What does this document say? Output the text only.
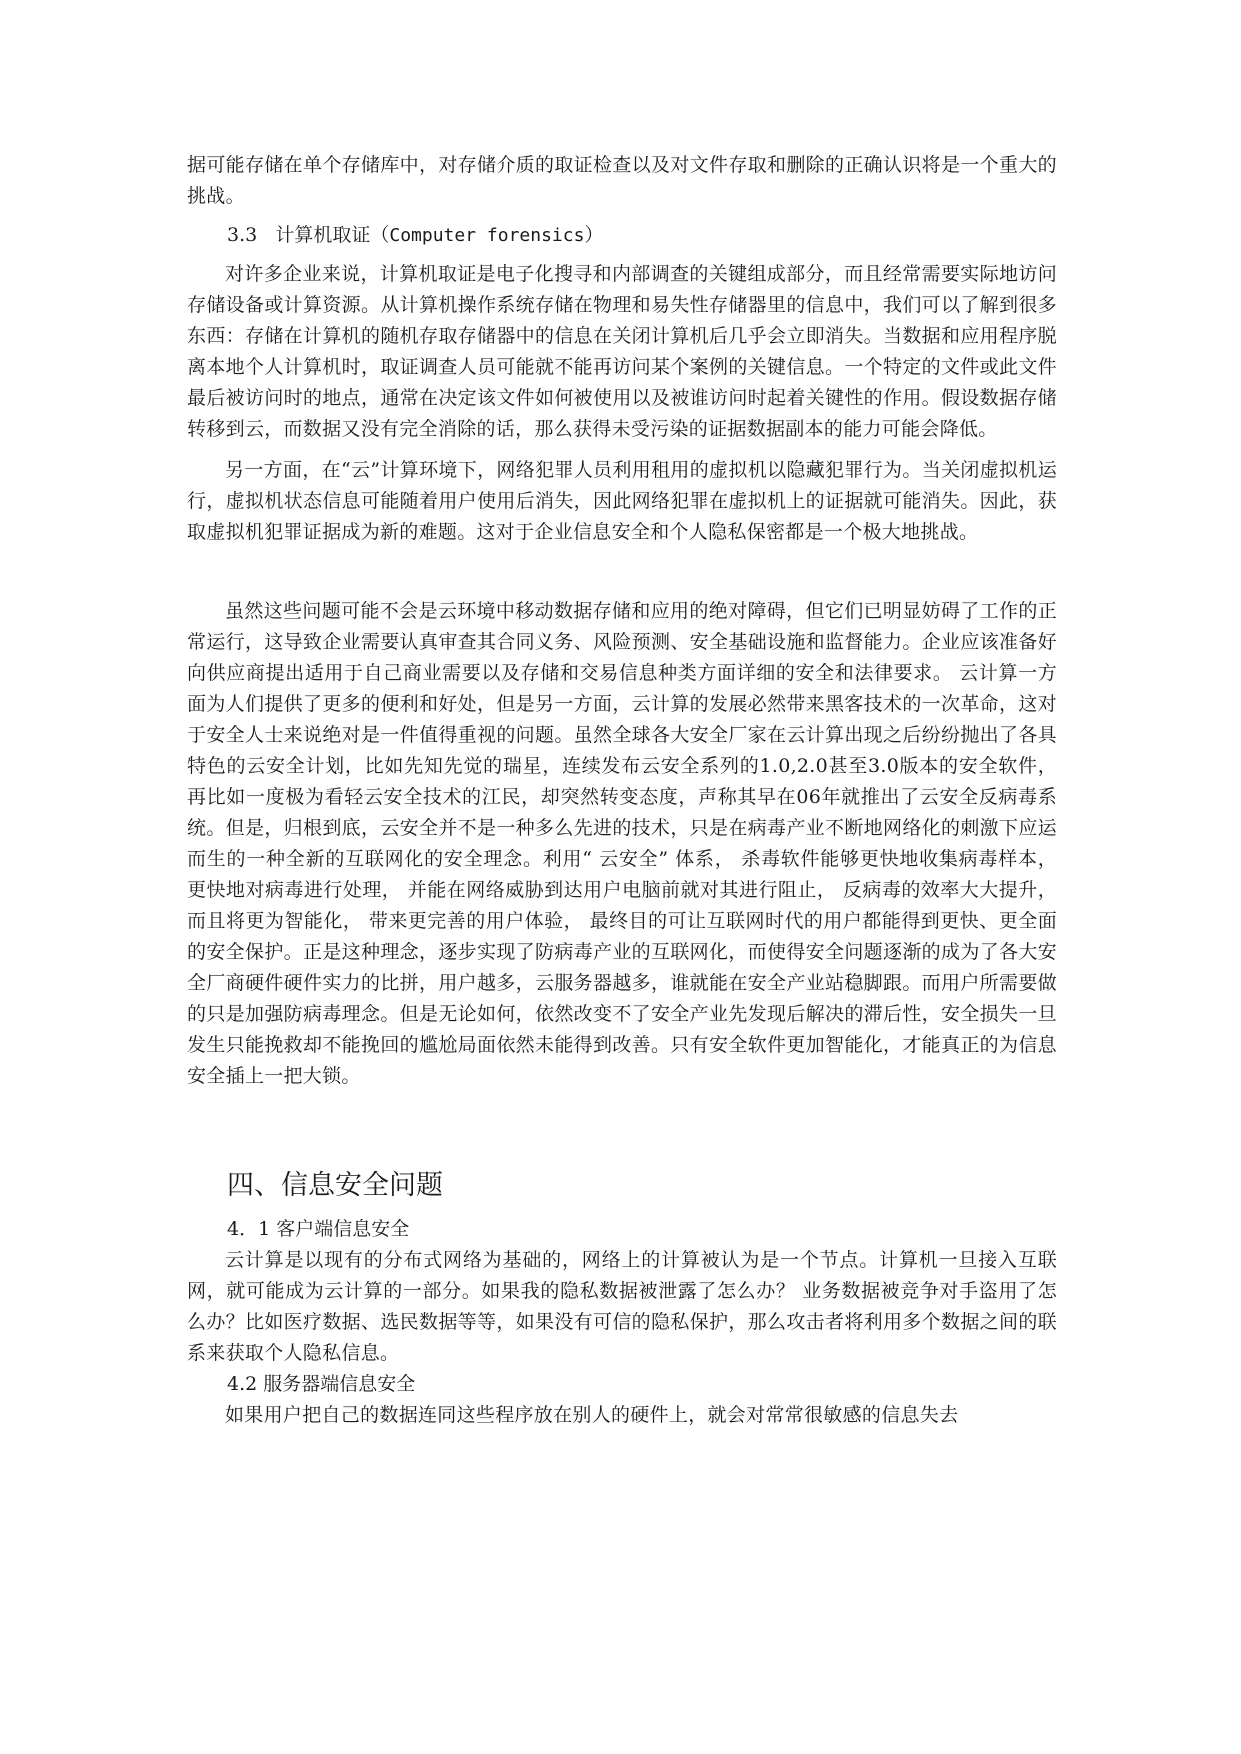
据可能存储在单个存储库中，对存储介质的取证检查以及对文件存取和删除的正确认识将是一个重大的挑战。

3.3 计算机取证（Computer forensics）

对许多企业来说，计算机取证是电子化搜寻和内部调查的关键组成部分，而且经常需要实际地访问存储设备或计算资源。从计算机操作系统存储在物理和易失性存储器里的信息中，我们可以了解到很多东西：存储在计算机的随机存取存储器中的信息在关闭计算机后几乎会立即消失。当数据和应用程序脱离本地个人计算机时，取证调查人员可能就不能再访问某个案例的关键信息。一个特定的文件或此文件最后被访问时的地点，通常在决定该文件如何被使用以及被谁访问时起着关键性的作用。假设数据存储转移到云，而数据又没有完全消除的话，那么获得未受污染的证据数据副本的能力可能会降低。

另一方面，在“云”计算环境下，网络犯罪人员利用租用的虚拟机以隐藏犯罪行为。当关闭虚拟机运行，虚拟机状态信息可能随着用户使用后消失，因此网络犯罪在虚拟机上的证据就可能消失。因此，获取虚拟机犯罪证据成为新的难题。这对于企业信息安全和个人隐私保密都是一个极大地挑战。

虽然这些问题可能不会是云环境中移动数据存储和应用的绝对障碍，但它们已明显妨碍了工作的正常运行，这导致企业需要认真审查其合同义务、风险预测、安全基础设施和监督能力。企业应该准备好向供应商提出适用于自己商业需要以及存储和交易信息种类方面详细的安全和法律要求。 云计算一方面为人们提供了更多的便利和好处，但是另一方面，云计算的发展必然带来黑客技术的一次革命，这对于安全人士来说绝对是一件值得重视的问题。虽然全球各大安全厂家在云计算出现之后纷纷抛出了各具特色的云安全计划，比如先知先觉的瑞星，连续发布云安全系列的1.0,2.0甚至3.0版本的安全软件，再比如一度极为看轻云安全技术的江民，却突然转变态度，声称其早在06年就推出了云安全反病毒系统。但是，归根到底，云安全并不是一种多么先进的技术，只是在病毒产业不断地网络化的刺激下应运而生的一种全新的互联网化的安全理念。利用“ 云安全” 体系， 杀毒软件能够更快地收集病毒样本， 更快地对病毒进行处理， 并能在网络威胁到达用户电脑前就对其进行阻止， 反病毒的效率大大提升， 而且将更为智能化， 带来更完善的用户体验， 最终目的可让互联网时代的用户都能得到更快、更全面的安全保护。正是这种理念，逐步实现了防病毒产业的互联网化，而使得安全问题逐渐的成为了各大安全厂商硬件硬件实力的比拼，用户越多，云服务器越多，谁就能在安全产业站稳脚跟。而用户所需要做的只是加强防病毒理念。但是无论如何，依然改变不了安全产业先发现后解决的滞后性，安全损失一旦发生只能挽救却不能挽回的尴尬局面依然未能得到改善。只有安全软件更加智能化，才能真正的为信息安全插上一把大锁。

四、信息安全问题
4．1 客户端信息安全

云计算是以现有的分布式网络为基础的，网络上的计算被认为是一个节点。计算机一旦接入互联网，就可能成为云计算的一部分。如果我的隐私数据被泄露了怎么办？ 业务数据被竞争对手盗用了怎么办？比如医疗数据、选民数据等等，如果没有可信的隐私保护，那么攻击者将利用多个数据之间的联系来获取个人隐私信息。

4.2 服务器端信息安全

如果用户把自己的数据连同这些程序放在别人的硬件上，就会对常常很敏感的信息失去
